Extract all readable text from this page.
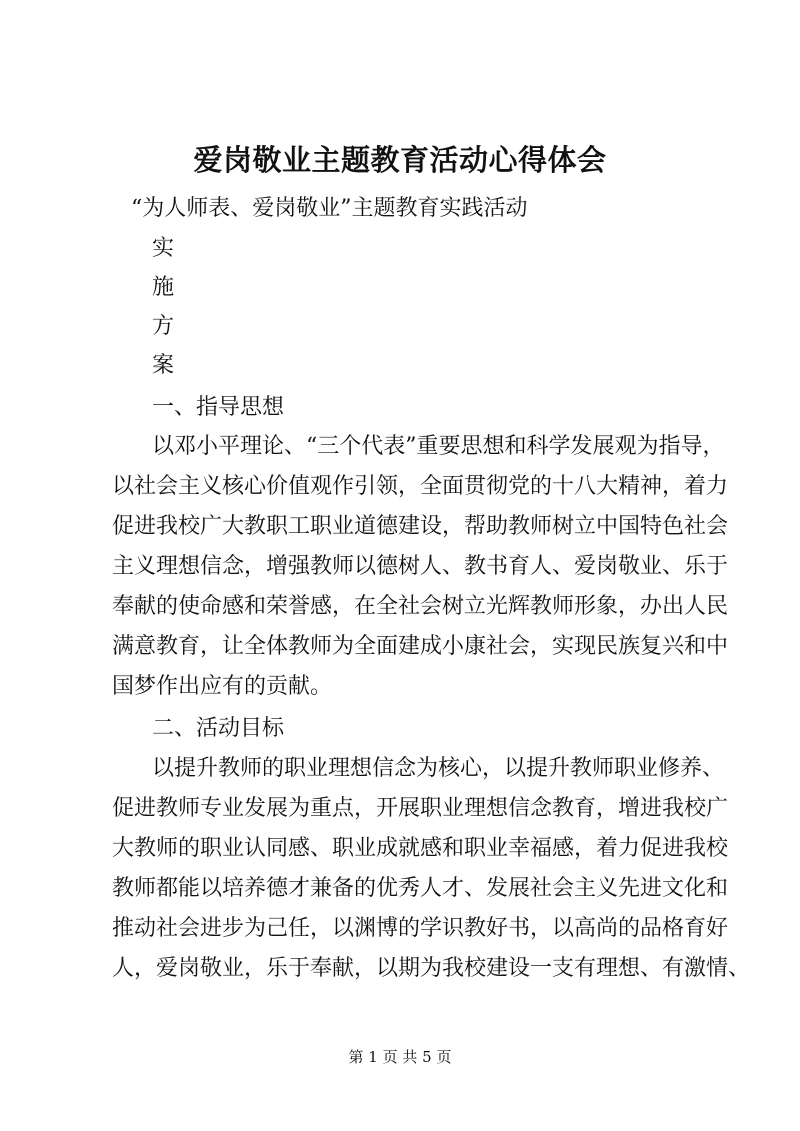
爱岗敬业主题教育活动心得体会
“为人师表、爱岗敬业”主题教育实践活动
实
施
方
案
一、指导思想
以邓小平理论、“三个代表”重要思想和科学发展观为指导，
以社会主义核心价值观作引领，全面贯彻党的十八大精神，着力
促进我校广大教职工职业道德建设，帮助教师树立中国特色社会
主义理想信念，增强教师以德树人、教书育人、爱岗敬业、乐于
奉献的使命感和荣誉感，在全社会树立光辉教师形象，办出人民
满意教育，让全体教师为全面建成小康社会，实现民族复兴和中
国梦作出应有的贡献。
二、活动目标
以提升教师的职业理想信念为核心，以提升教师职业修养、
促进教师专业发展为重点，开展职业理想信念教育，增进我校广
大教师的职业认同感、职业成就感和职业幸福感，着力促进我校
教师都能以培养德才兼备的优秀人才、发展社会主义先进文化和
推动社会进步为己任，以渊博的学识教好书，以高尚的品格育好
人，爱岗敬业，乐于奉献，以期为我校建设一支有理想、有激情、
第 1 页 共 5 页
